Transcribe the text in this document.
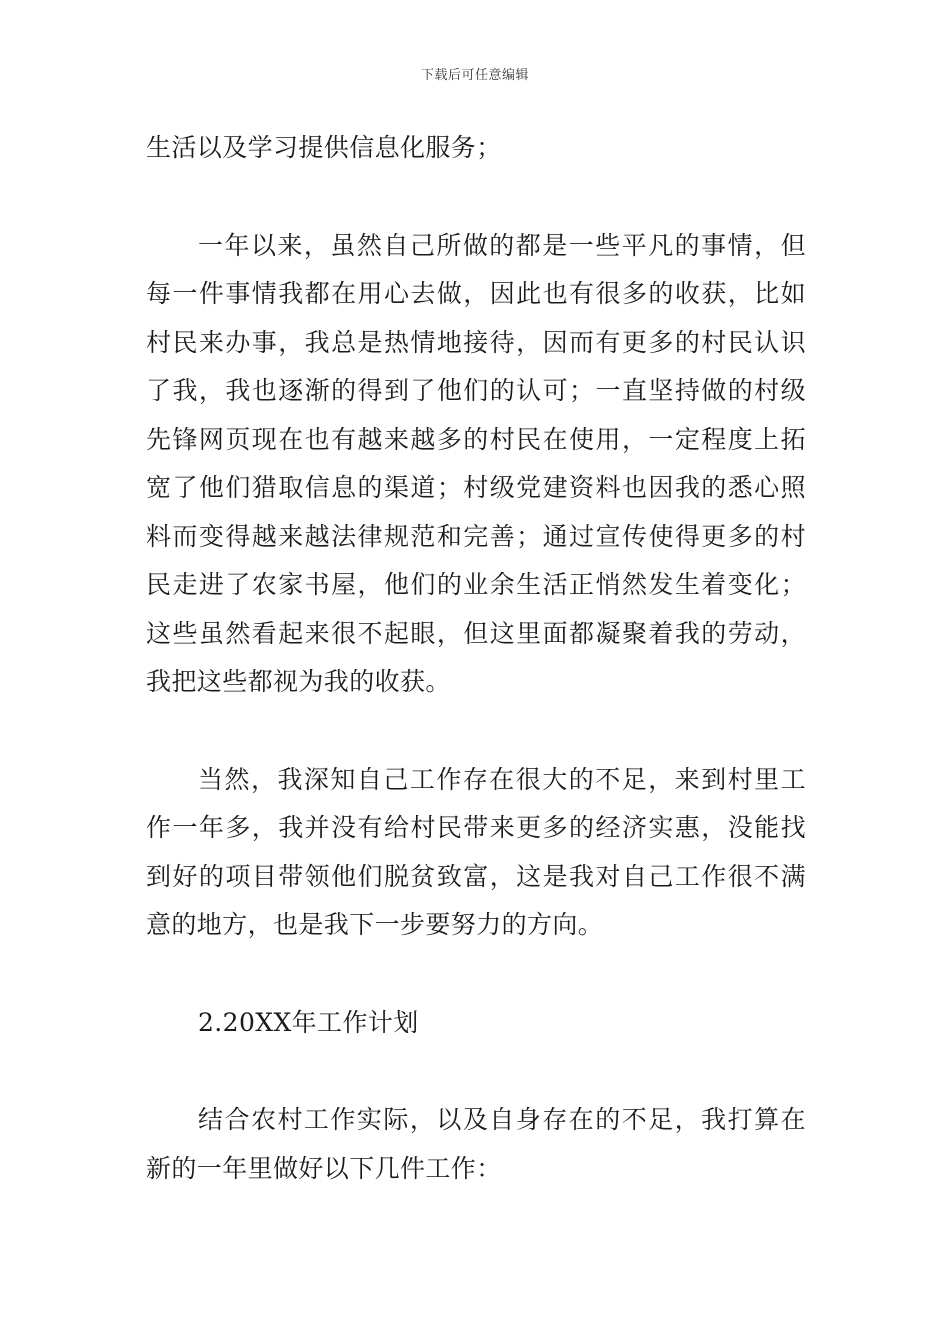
下载后可任意编辑

生活以及学习提供信息化服务；

一年以来，虽然自己所做的都是一些平凡的事情，但每一件事情我都在用心去做，因此也有很多的收获，比如村民来办事，我总是热情地接待，因而有更多的村民认识了我，我也逐渐的得到了他们的认可；一直坚持做的村级先锋网页现在也有越来越多的村民在使用，一定程度上拓宽了他们猎取信息的渠道；村级党建资料也因我的悉心照料而变得越来越法律规范和完善；通过宣传使得更多的村民走进了农家书屋，他们的业余生活正悄然发生着变化；这些虽然看起来很不起眼，但这里面都凝聚着我的劳动，我把这些都视为我的收获。

当然，我深知自己工作存在很大的不足，来到村里工作一年多，我并没有给村民带来更多的经济实惠，没能找到好的项目带领他们脱贫致富，这是我对自己工作很不满意的地方，也是我下一步要努力的方向。

2.20XX年工作计划

结合农村工作实际，以及自身存在的不足，我打算在新的一年里做好以下几件工作：
